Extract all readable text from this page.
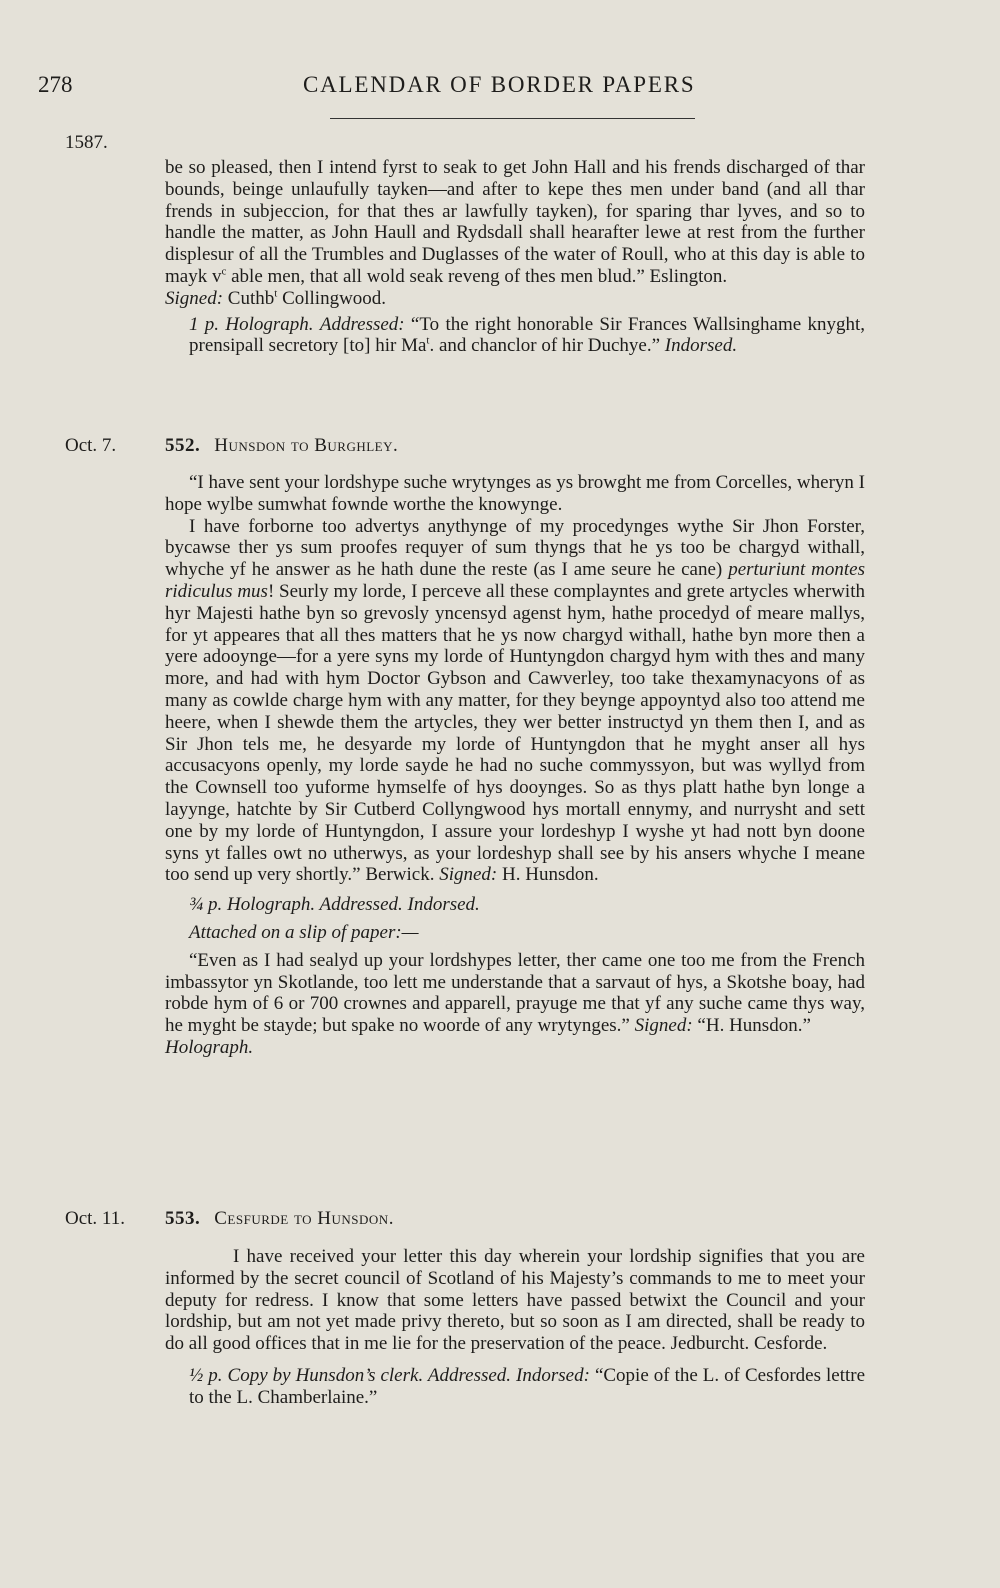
278	CALENDAR OF BORDER PAPERS
1587.

be so pleased, then I intend fyrst to seak to get John Hall and his frends discharged of thar bounds, beinge unlaufully tayken—and after to kepe thes men under band (and all thar frends in subjeccion, for that thes ar lawfully tayken), for sparing thar lyves, and so to handle the matter, as John Haull and Rydsdall shall hearafter lewe at rest from the further displesur of all the Trumbles and Duglasses of the water of Roull, who at this day is able to mayk $v^c$ able men, that all wold seak reveng of thes men blud.” Eslington.
Signed: Cuthb$^t$ Collingwood.

1 p. Holograph. Addressed: “To the right honorable Sir Frances Wallsinghame knyght, prensipall secretory [to] hir Ma$^t$. and chanclor of hir Duchye.” Indorsed.

Oct. 7.	552. Hunsdon to Burghley.

“I have sent your lordshype suche wrytynges as ys browght me from Corcelles, wheryn I hope wylbe sumwhat fownde worthe the knowynge.

I have forborne too advertys anythynge of my procedynges wythe Sir Jhon Forster, bycawse ther ys sum proofes requyer of sum thyngs that he ys too be chargyd withall, whyche yf he answer as he hath dune the reste (as I ame seure he cane) perturiunt montes ridiculus mus! Seurly my lorde, I perceve all these complayntes and grete artycles wherwith hyr Majesti hathe byn so grevosly yncensyd agenst hym, hathe procedyd of meare mallys, for yt appeares that all thes matters that he ys now chargyd withall, hathe byn more then a yere adooynge—for a yere syns my lorde of Huntyngdon chargyd hym with thes and many more, and had with hym Doctor Gybson and Cawverley, too take thexamynacyons of as many as cowlde charge hym with any matter, for they beynge appoyntyd also too attend me heere, when I shewde them the artycles, they wer better instructyd yn them then I, and as Sir Jhon tels me, he desyarde my lorde of Huntyngdon that he myght anser all hys accusacyons openly, my lorde sayde he had no suche commyssyon, but was wyllyd from the Cownsell too yuforme hymselfe of hys dooynges. So as thys platt hathe byn longe a layynge, hatchte by Sir Cutberd Collyngwood hys mortall ennymy, and nurrysht and sett one by my lorde of Huntyngdon, I assure your lordeshyp I wyshe yt had nott byn doone syns yt falles owt no utherwys, as your lordeshyp shall see by his ansers whyche I meane too send up very shortly.” Berwick. Signed: H. Hunsdon.

¾ p. Holograph. Addressed. Indorsed.

Attached on a slip of paper:—

“Even as I had sealyd up your lordshypes letter, ther came one too me from the French imbassytor yn Skotlande, too lett me understande that a sarvaut of hys, a Skotshe boay, had robde hym of 6 or 700 crownes and apparell, prayuge me that yf any suche came thys way, he myght be stayde; but spake no woorde of any wrytynges.” Signed: “H. Hunsdon.”

Holograph.

Oct. 11. 553. Cesfurde to Hunsdon.

I have received your letter this day wherein your lordship signifies that you are informed by the secret council of Scotland of his Majesty’s commands to me to meet your deputy for redress. I know that some letters have passed betwixt the Council and your lordship, but am not yet made privy thereto, but so soon as I am directed, shall be ready to do all good offices that in me lie for the preservation of the peace. Jedburcht. Cesforde.

½ p. Copy by Hunsdon’s clerk. Addressed. Indorsed: “Copie of the L. of Cesfordes lettre to the L. Chamberlaine.”
